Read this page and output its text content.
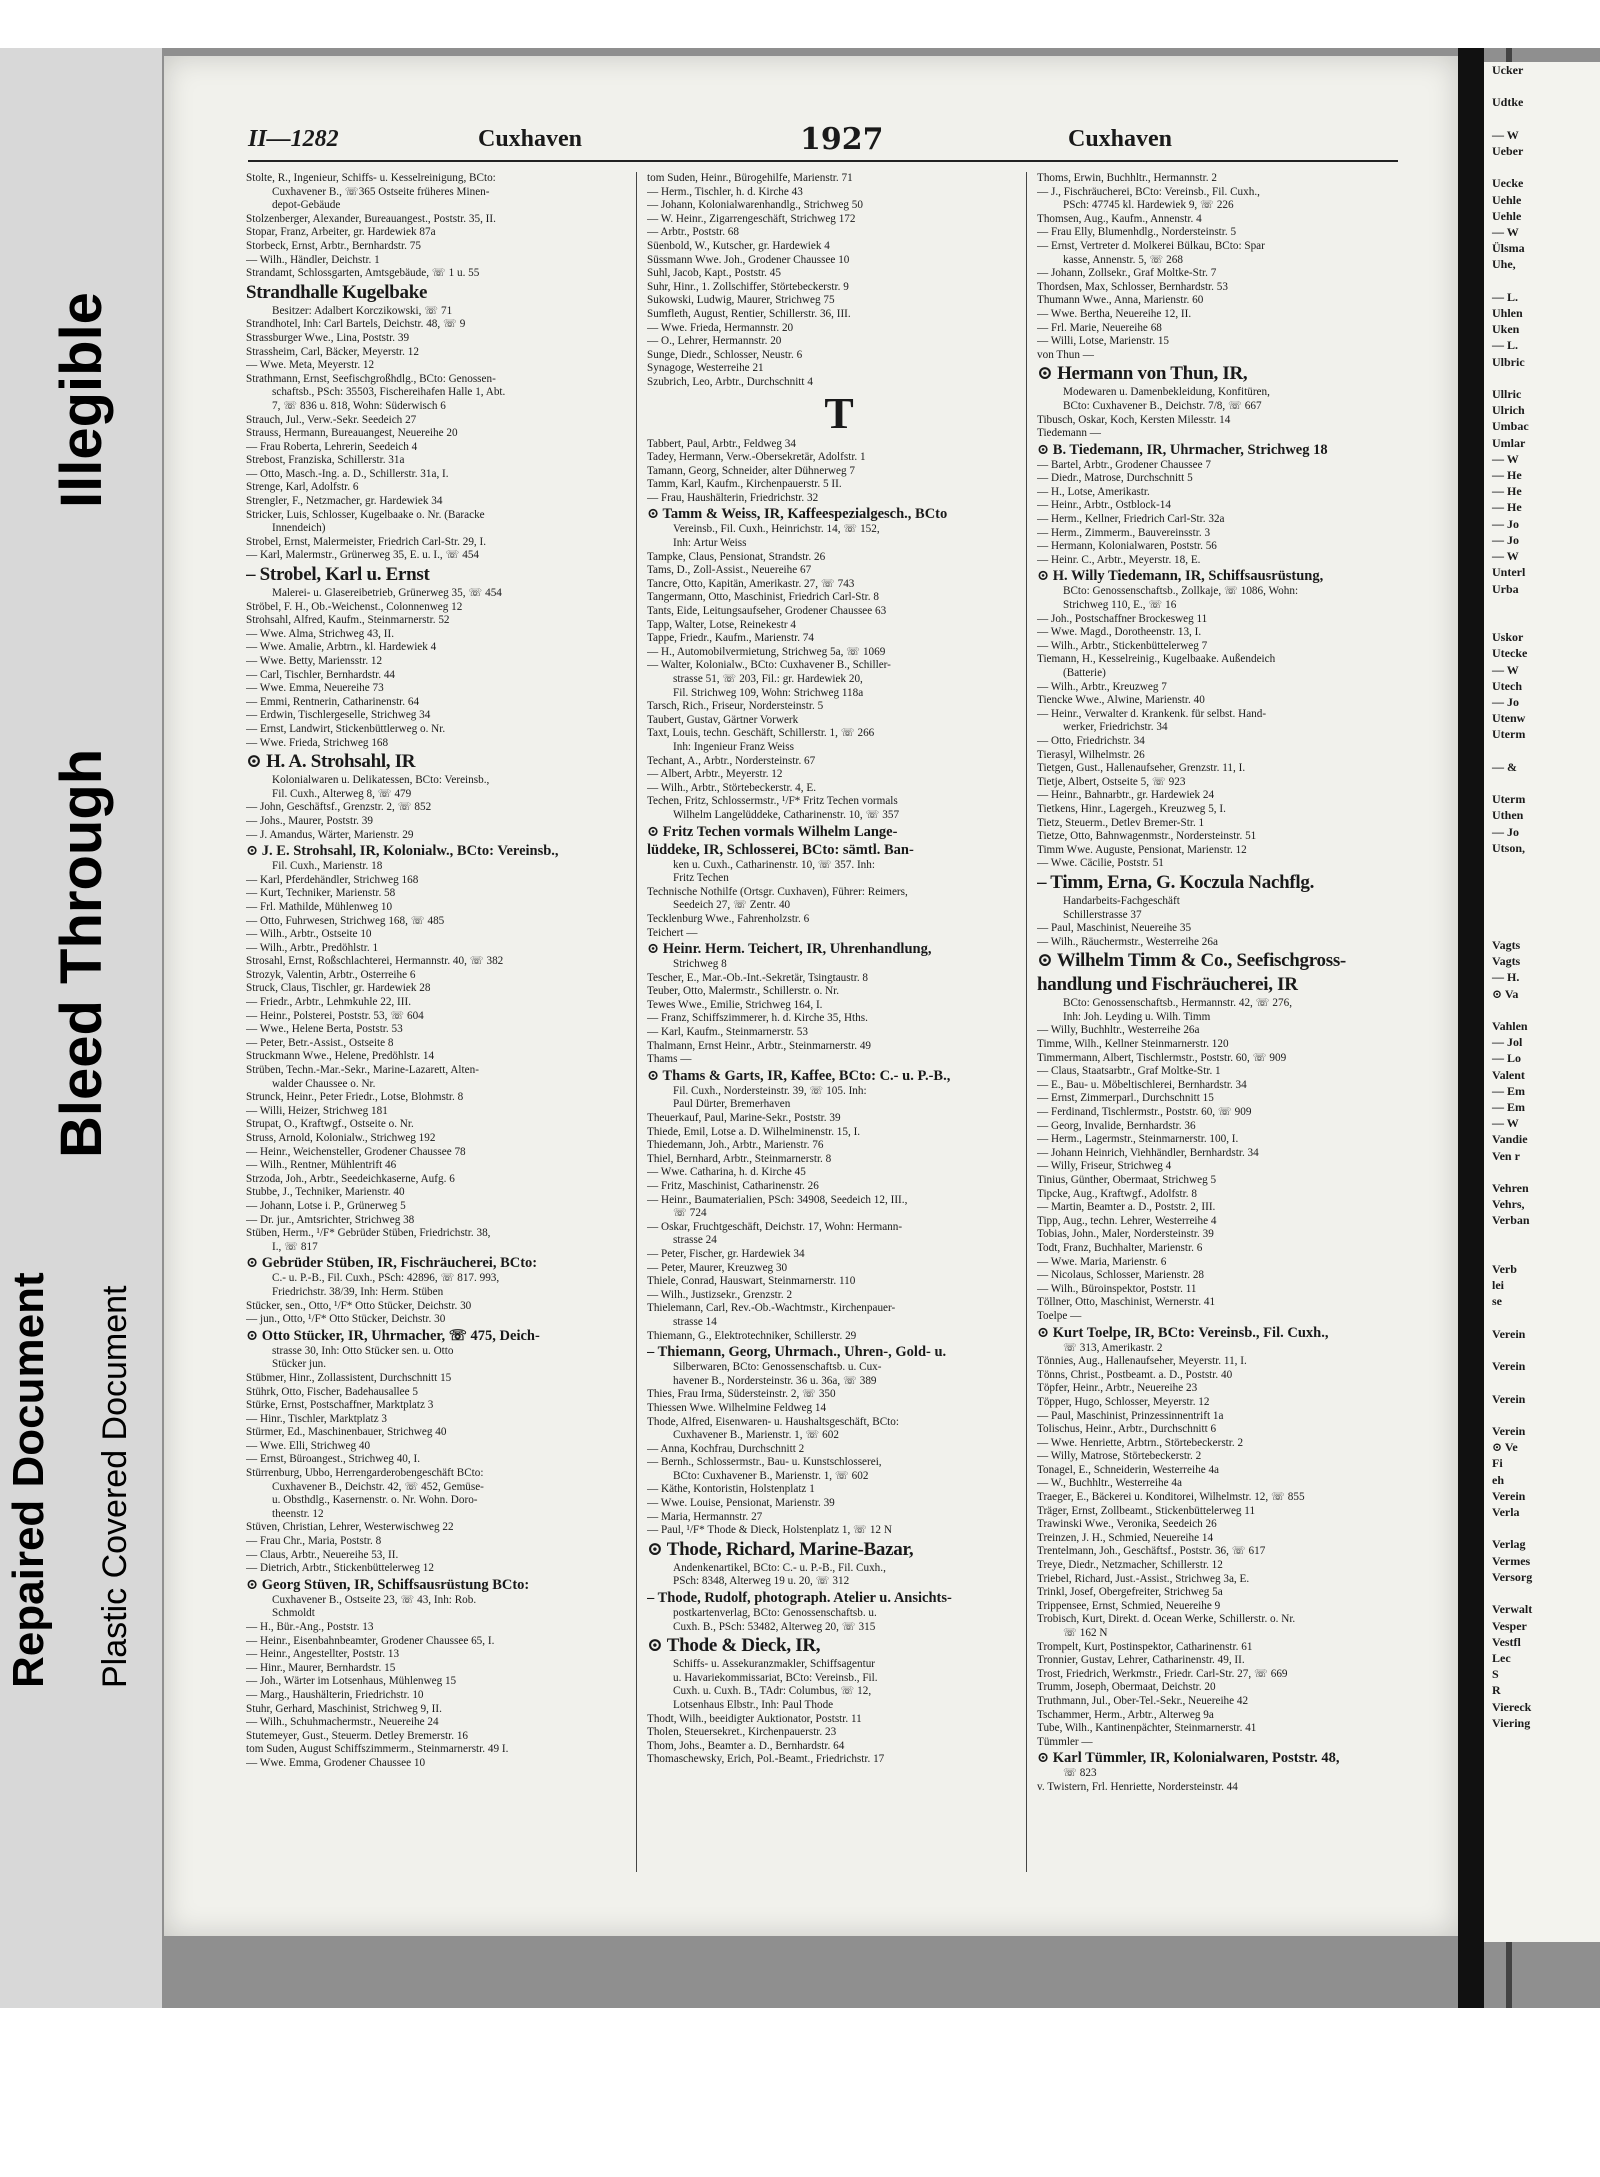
Illegible
Bleed Through
Repaired Document Plastic Covered Document
II—1282	Cuxhaven	1927	Cuxhaven
Stolte, R., Ingenieur, Schiffs- u. Kesselreinigung, BCto:
Cuxhavener B., ☏365 Ostseite früheres Minen-
depot-Gebäude
Stolzenberger, Alexander, Bureauangest., Poststr. 35, II.
Stopar, Franz, Arbeiter, gr. Hardewiek 87a
Storbeck, Ernst, Arbtr., Bernhardstr. 75
— Wilh., Händler, Deichstr. 1
Strandamt, Schlossgarten, Amtsgebäude, ☏ 1 u. 55
Strandhalle Kugelbake
Besitzer: Adalbert Korczikowski, ☏ 71
Strandhotel, Inh: Carl Bartels, Deichstr. 48, ☏ 9
Strassburger Wwe., Lina, Poststr. 39
Strassheim, Carl, Bäcker, Meyerstr. 12
— Wwe. Meta, Meyerstr. 12
Strathmann, Ernst, Seefischgroßhdlg., BCto: Genossen-
schaftsb., PSch: 35503, Fischereihafen Halle 1, Abt.
7, ☏ 836 u. 818, Wohn: Süderwisch 6
Strauch, Jul., Verw.-Sekr. Seedeich 27
Strauss, Hermann, Bureauangest, Neuereihe 20
— Frau Roberta, Lehrerin, Seedeich 4
Strebost, Franziska, Schillerstr. 31a
— Otto, Masch.-Ing. a. D., Schillerstr. 31a, I.
Strenge, Karl, Adolfstr. 6
Strengler, F., Netzmacher, gr. Hardewiek 34
Stricker, Luis, Schlosser, Kugelbaake o. Nr. (Baracke
Innendeich)
Strobel, Ernst, Malermeister, Friedrich Carl-Str. 29, I.
— Karl, Malermstr., Grünerweg 35, E. u. I., ☏ 454
– Strobel, Karl u. Ernst
Malerei- u. Glasereibetrieb, Grünerweg 35, ☏ 454
Ströbel, F. H., Ob.-Weichenst., Colonnenweg 12
Strohsahl, Alfred, Kaufm., Steinmarnerstr. 52
— Wwe. Alma, Strichweg 43, II.
— Wwe. Amalie, Arbtrn., kl. Hardewiek 4
— Wwe. Betty, Mariensstr. 12
— Carl, Tischler, Bernhardstr. 44
— Wwe. Emma, Neuereihe 73
— Emmi, Rentnerin, Catharinenstr. 64
— Erdwin, Tischlergeselle, Strichweg 34
— Ernst, Landwirt, Stickenbüttlerweg o. Nr.
— Wwe. Frieda, Strichweg 168
⊙ H. A. Strohsahl, IR
Kolonialwaren u. Delikatessen, BCto: Vereinsb.,
Fil. Cuxh., Alterweg 8, ☏ 479
— John, Geschäftsf., Grenzstr. 2, ☏ 852
— Johs., Maurer, Poststr. 39
— J. Amandus, Wärter, Marienstr. 29
⊙ J. E. Strohsahl, IR, Kolonialw., BCto: Vereinsb.,
Fil. Cuxh., Marienstr. 18
— Karl, Pferdehändler, Strichweg 168
— Kurt, Techniker, Marienstr. 58
— Frl. Mathilde, Mühlenweg 10
— Otto, Fuhrwesen, Strichweg 168, ☏ 485
— Wilh., Arbtr., Ostseite 10
— Wilh., Arbtr., Predöhlstr. 1
Strosahl, Ernst, Roßschlachterei, Hermannstr. 40, ☏ 382
Strozyk, Valentin, Arbtr., Osterreihe 6
Struck, Claus, Tischler, gr. Hardewiek 28
— Friedr., Arbtr., Lehmkuhle 22, III.
— Heinr., Polsterei, Poststr. 53, ☏ 604
— Wwe., Helene Berta, Poststr. 53
— Peter, Betr.-Assist., Ostseite 8
Struckmann Wwe., Helene, Predöhlstr. 14
Strüben, Techn.-Mar.-Sekr., Marine-Lazarett, Alten-
walder Chaussee o. Nr.
Strunck, Heinr., Peter Friedr., Lotse, Blohmstr. 8
— Willi, Heizer, Strichweg 181
Strupat, O., Kraftwgf., Ostseite o. Nr.
Struss, Arnold, Kolonialw., Strichweg 192
— Heinr., Weichensteller, Grodener Chaussee 78
— Wilh., Rentner, Mühlentrift 46
Strzoda, Joh., Arbtr., Seedeichkaserne, Aufg. 6
Stubbe, J., Techniker, Marienstr. 40
— Johann, Lotse i. P., Grünerweg 5
— Dr. jur., Amtsrichter, Strichweg 38
Stüben, Herm., ¹/F* Gebrüder Stüben, Friedrichstr. 38,
I., ☏ 817
⊙ Gebrüder Stüben, IR, Fischräucherei, BCto:
C.- u. P.-B., Fil. Cuxh., PSch: 42896, ☏ 817. 993,
Friedrichstr. 38/39, Inh: Herm. Stüben
Stücker, sen., Otto, ¹/F* Otto Stücker, Deichstr. 30
— jun., Otto, ¹/F* Otto Stücker, Deichstr. 30
⊙ Otto Stücker, IR, Uhrmacher, ☏ 475, Deich-
strasse 30, Inh: Otto Stücker sen. u. Otto
Stücker jun.
Stübmer, Hinr., Zollassistent, Durchschnitt 15
Stührk, Otto, Fischer, Badehausallee 5
Stürke, Ernst, Postschaffner, Marktplatz 3
— Hinr., Tischler, Marktplatz 3
Stürmer, Ed., Maschinenbauer, Strichweg 40
— Wwe. Elli, Strichweg 40
— Ernst, Büroangest., Strichweg 40, I.
Stürrenburg, Ubbo, Herrengarderobengeschäft BCto:
Cuxhavener B., Deichstr. 42, ☏ 452, Gemüse-
u. Obsthdlg., Kasernenstr. o. Nr. Wohn. Doro-
theenstr. 12
Stüven, Christian, Lehrer, Westerwischweg 22
— Frau Chr., Maria, Poststr. 8
— Claus, Arbtr., Neuereihe 53, II.
— Dietrich, Arbtr., Stickenbüttelerweg 12
⊙ Georg Stüven, IR, Schiffsausrüstung BCto:
Cuxhavener B., Ostseite 23, ☏ 43, Inh: Rob.
Schmoldt
— H., Bür.-Ang., Poststr. 13
— Heinr., Eisenbahnbeamter, Grodener Chaussee 65, I.
— Heinr., Angestellter, Poststr. 13
— Hinr., Maurer, Bernhardstr. 15
— Joh., Wärter im Lotsenhaus, Mühlenweg 15
— Marg., Haushälterin, Friedrichstr. 10
Stuhr, Gerhard, Maschinist, Strichweg 9, II.
— Wilh., Schuhmachermstr., Neuereihe 24
Stutemeyer, Gust., Steuerm. Detley Bremerstr. 16
tom Suden, August Schiffszimmerm., Steinmarnerstr. 49 I.
— Wwe. Emma, Grodener Chaussee 10
tom Suden, Heinr., Bürogehilfe, Marienstr. 71
— Herm., Tischler, h. d. Kirche 43
— Johann, Kolonialwarenhandlg., Strichweg 50
— W. Heinr., Zigarrengeschäft, Strichweg 172
— Arbtr., Poststr. 68
Süenbold, W., Kutscher, gr. Hardewiek 4
Süssmann Wwe. Joh., Grodener Chaussee 10
Suhl, Jacob, Kapt., Poststr. 45
Suhr, Hinr., 1. Zollschiffer, Störtebeckerstr. 9
Sukowski, Ludwig, Maurer, Strichweg 75
Sumfleth, August, Rentier, Schillerstr. 36, III.
— Wwe. Frieda, Hermannstr. 20
— O., Lehrer, Hermannstr. 20
Sunge, Diedr., Schlosser, Neustr. 6
Synagoge, Westerreihe 21
Szubrich, Leo, Arbtr., Durchschnitt 4
T
Tabbert, Paul, Arbtr., Feldweg 34
Tadey, Hermann, Verw.-Obersekretär, Adolfstr. 1
Tamann, Georg, Schneider, alter Dühnerweg 7
Tamm, Karl, Kaufm., Kirchenpauerstr. 5 II.
— Frau, Haushälterin, Friedrichstr. 32
⊙ Tamm & Weiss, IR, Kaffeespezialgesch., BCto
Vereinsb., Fil. Cuxh., Heinrichstr. 14, ☏ 152,
Inh: Artur Weiss
Tampke, Claus, Pensionat, Strandstr. 26
Tams, D., Zoll-Assist., Neuereihe 67
Tancre, Otto, Kapitän, Amerikastr. 27, ☏ 743
Tangermann, Otto, Maschinist, Friedrich Carl-Str. 8
Tants, Eide, Leitungsaufseher, Grodener Chaussee 63
Tapp, Walter, Lotse, Reinekestr 4
Tappe, Friedr., Kaufm., Marienstr. 74
— H., Automobilvermietung, Strichweg 5a, ☏ 1069
— Walter, Kolonialw., BCto: Cuxhavener B., Schiller-
strasse 51, ☏ 203, Fil.: gr. Hardewiek 20,
Fil. Strichweg 109, Wohn: Strichweg 118a
Tarsch, Rich., Friseur, Nordersteinstr. 5
Taubert, Gustav, Gärtner Vorwerk
Taxt, Louis, techn. Geschäft, Schillerstr. 1, ☏ 266
Inh: Ingenieur Franz Weiss
Techant, A., Arbtr., Nordersteinstr. 67
— Albert, Arbtr., Meyerstr. 12
— Wilh., Arbtr., Störtebeckerstr. 4, E.
Techen, Fritz, Schlossermstr., ¹/F* Fritz Techen vormals
Wilhelm Langelüddeke, Catharinenstr. 10, ☏ 357
⊙ Fritz Techen vormals Wilhelm Lange-
lüddeke, IR, Schlosserei, BCto: sämtl. Ban-
ken u. Cuxh., Catharinenstr. 10, ☏ 357. Inh:
Fritz Techen
Technische Nothilfe (Ortsgr. Cuxhaven), Führer: Reimers,
Seedeich 27, ☏ Zentr. 40
Tecklenburg Wwe., Fahrenholzstr. 6
Teichert —
⊙ Heinr. Herm. Teichert, IR, Uhrenhandlung,
Strichweg 8
Tescher, E., Mar.-Ob.-Int.-Sekretär, Tsingtaustr. 8
Teuber, Otto, Malermstr., Schillerstr. o. Nr.
Tewes Wwe., Emilie, Strichweg 164, I.
— Franz, Schiffszimmerer, h. d. Kirche 35, Hths.
— Karl, Kaufm., Steinmarnerstr. 53
Thalmann, Ernst Heinr., Arbtr., Steinmarnerstr. 49
Thams —
⊙ Thams & Garts, IR, Kaffee, BCto: C.- u. P.-B.,
Fil. Cuxh., Nordersteinstr. 39, ☏ 105. Inh:
Paul Dürter, Bremerhaven
Theuerkauf, Paul, Marine-Sekr., Poststr. 39
Thiede, Emil, Lotse a. D. Wilhelminenstr. 15, I.
Thiedemann, Joh., Arbtr., Marienstr. 76
Thiel, Bernhard, Arbtr., Steinmarnerstr. 8
— Wwe. Catharina, h. d. Kirche 45
— Fritz, Maschinist, Catharinenstr. 26
— Heinr., Baumaterialien, PSch: 34908, Seedeich 12, III.,
☏ 724
— Oskar, Fruchtgeschäft, Deichstr. 17, Wohn: Hermann-
strasse 24
— Peter, Fischer, gr. Hardewiek 34
— Peter, Maurer, Kreuzweg 30
Thiele, Conrad, Hauswart, Steinmarnerstr. 110
— Wilh., Justizsekr., Grenzstr. 2
Thielemann, Carl, Rev.-Ob.-Wachtmstr., Kirchenpauer-
strasse 14
Thiemann, G., Elektrotechniker, Schillerstr. 29
– Thiemann, Georg, Uhrmach., Uhren-, Gold- u.
Silberwaren, BCto: Genossenschaftsb. u. Cux-
havener B., Nordersteinstr. 36 u. 36a, ☏ 389
Thies, Frau Irma, Südersteinstr. 2, ☏ 350
Thiessen Wwe. Wilhelmine Feldweg 14
Thode, Alfred, Eisenwaren- u. Haushaltsgeschäft, BCto:
Cuxhavener B., Marienstr. 1, ☏ 602
— Anna, Kochfrau, Durchschnitt 2
— Bernh., Schlossermstr., Bau- u. Kunstschlosserei,
BCto: Cuxhavener B., Marienstr. 1, ☏ 602
— Käthe, Kontoristin, Holstenplatz 1
— Wwe. Louise, Pensionat, Marienstr. 39
— Maria, Hermannstr. 27
— Paul, ¹/F* Thode & Dieck, Holstenplatz 1, ☏ 12 N
⊙ Thode, Richard, Marine-Bazar,
Andenkenartikel, BCto: C.- u. P.-B., Fil. Cuxh.,
PSch: 8348, Alterweg 19 u. 20, ☏ 312
– Thode, Rudolf, photograph. Atelier u. Ansichts-
postkartenverlag, BCto: Genossenschaftsb. u.
Cuxh. B., PSch: 53482, Alterweg 20, ☏ 315
⊙ Thode & Dieck, IR,
Schiffs- u. Assekuranzmakler, Schiffsagentur
u. Havariekommissariat, BCto: Vereinsb., Fil.
Cuxh. u. Cuxh. B., TAdr: Columbus, ☏ 12,
Lotsenhaus Elbstr., Inh: Paul Thode
Thodt, Wilh., beeidigter Auktionator, Poststr. 11
Tholen, Steuersekret., Kirchenpauerstr. 23
Thom, Johs., Beamter a. D., Bernhardstr. 64
Thomaschewsky, Erich, Pol.-Beamt., Friedrichstr. 17
Thoms, Erwin, Buchhltr., Hermannstr. 2
— J., Fischräucherei, BCto: Vereinsb., Fil. Cuxh.,
PSch: 47745 kl. Hardewiek 9, ☏ 226
Thomsen, Aug., Kaufm., Annenstr. 4
— Frau Elly, Blumenhdlg., Nordersteinstr. 5
— Ernst, Vertreter d. Molkerei Bülkau, BCto: Spar
kasse, Annenstr. 5, ☏ 268
— Johann, Zollsekr., Graf Moltke-Str. 7
Thordsen, Max, Schlosser, Bernhardstr. 53
Thumann Wwe., Anna, Marienstr. 60
— Wwe. Bertha, Neuereihe 12, II.
— Frl. Marie, Neuereihe 68
— Willi, Lotse, Marienstr. 15
von Thun —
⊙ Hermann von Thun, IR,
Modewaren u. Damenbekleidung, Konfitüren,
BCto: Cuxhavener B., Deichstr. 7/8, ☏ 667
Tibusch, Oskar, Koch, Kersten Milesstr. 14
Tiedemann —
⊙ B. Tiedemann, IR, Uhrmacher, Strichweg 18
— Bartel, Arbtr., Grodener Chaussee 7
— Diedr., Matrose, Durchschnitt 5
— H., Lotse, Amerikastr.
— Heinr., Arbtr., Ostblock-14
— Herm., Kellner, Friedrich Carl-Str. 32a
— Herm., Zimmerm., Bauvereinsstr. 3
— Hermann, Kolonialwaren, Poststr. 56
— Heinr. C., Arbtr., Meyerstr. 18, E.
⊙ H. Willy Tiedemann, IR, Schiffsausrüstung,
BCto: Genossenschaftsb., Zollkaje, ☏ 1086, Wohn:
Strichweg 110, E., ☏ 16
— Joh., Postschaffner Brockesweg 11
— Wwe. Magd., Dorotheenstr. 13, I.
— Wilh., Arbtr., Stickenbüttelerweg 7
Tiemann, H., Kesselreinig., Kugelbaake. Außendeich
(Batterie)
— Wilh., Arbtr., Kreuzweg 7
Tiencke Wwe., Alwine, Marienstr. 40
— Heinr., Verwalter d. Krankenk. für selbst. Hand-
werker, Friedrichstr. 34
— Otto, Friedrichstr. 34
Tierasyl, Wilhelmstr. 26
Tietgen, Gust., Hallenaufseher, Grenzstr. 11, I.
Tietje, Albert, Ostseite 5, ☏ 923
— Heinr., Bahnarbtr., gr. Hardewiek 24
Tietkens, Hinr., Lagergeh., Kreuzweg 5, I.
Tietz, Steuerm., Detlev Bremer-Str. 1
Tietze, Otto, Bahnwagenmstr., Nordersteinstr. 51
Timm Wwe. Auguste, Pensionat, Marienstr. 12
— Wwe. Cäcilie, Poststr. 51
– Timm, Erna, G. Koczula Nachflg.
Handarbeits-Fachgeschäft
Schillerstrasse 37
— Paul, Maschinist, Neuereihe 35
— Wilh., Räuchermstr., Westerreihe 26a
⊙ Wilhelm Timm & Co., Seefischgross-
handlung und Fischräucherei, IR
BCto: Genossenschaftsb., Hermannstr. 42, ☏ 276,
Inh: Joh. Leyding u. Wilh. Timm
— Willy, Buchhltr., Westerreihe 26a
Timme, Wilh., Kellner Steinmarnerstr. 120
Timmermann, Albert, Tischlermstr., Poststr. 60, ☏ 909
— Claus, Staatsarbtr., Graf Moltke-Str. 1
— E., Bau- u. Möbeltischlerei, Bernhardstr. 34
— Ernst, Zimmerparl., Durchschnitt 15
— Ferdinand, Tischlermstr., Poststr. 60, ☏ 909
— Georg, Invalide, Bernhardstr. 36
— Herm., Lagermstr., Steinmarnerstr. 100, I.
— Johann Heinrich, Viehhändler, Bernhardstr. 34
— Willy, Friseur, Strichweg 4
Tinius, Günther, Obermaat, Strichweg 5
Tipcke, Aug., Kraftwgf., Adolfstr. 8
— Martin, Beamter a. D., Poststr. 2, III.
Tipp, Aug., techn. Lehrer, Westerreihe 4
Tobias, John., Maler, Nordersteinstr. 39
Todt, Franz, Buchhalter, Marienstr. 6
— Wwe. Maria, Marienstr. 6
— Nicolaus, Schlosser, Marienstr. 28
— Wilh., Büroinspektor, Poststr. 11
Töllner, Otto, Maschinist, Wernerstr. 41
Toelpe —
⊙ Kurt Toelpe, IR, BCto: Vereinsb., Fil. Cuxh.,
☏ 313, Amerikastr. 2
Tönnies, Aug., Hallenaufseher, Meyerstr. 11, I.
Tönns, Christ., Postbeamt. a. D., Poststr. 40
Töpfer, Heinr., Arbtr., Neuereihe 23
Töpper, Hugo, Schlosser, Meyerstr. 12
— Paul, Maschinist, Prinzessinnentrift 1a
Tolischus, Heinr., Arbtr., Durchschnitt 6
— Wwe. Henriette, Arbtrn., Störtebeckerstr. 2
— Willy, Matrose, Störtebeckerstr. 2
Tonagel, E., Schneiderin, Westerreihe 4a
— W., Buchhltr., Westerreihe 4a
Traeger, E., Bäckerei u. Konditorei, Wilhelmstr. 12, ☏ 855
Träger, Ernst, Zollbeamt., Stickenbüttelerweg 11
Trawinski Wwe., Veronika, Seedeich 26
Treinzen, J. H., Schmied, Neuereihe 14
Trentelmann, Joh., Geschäftsf., Poststr. 36, ☏ 617
Treye, Diedr., Netzmacher, Schillerstr. 12
Triebel, Richard, Just.-Assist., Strichweg 3a, E.
Trinkl, Josef, Obergefreiter, Strichweg 5a
Trippensee, Ernst, Schmied, Neuereihe 9
Trobisch, Kurt, Direkt. d. Ocean Werke, Schillerstr. o. Nr.
☏ 162 N
Trompelt, Kurt, Postinspektor, Catharinenstr. 61
Tronnier, Gustav, Lehrer, Catharinenstr. 49, II.
Trost, Friedrich, Werkmstr., Friedr. Carl-Str. 27, ☏ 669
Trumm, Joseph, Obermaat, Deichstr. 20
Truthmann, Jul., Ober-Tel.-Sekr., Neuereihe 42
Tschammer, Herm., Arbtr., Alterweg 9a
Tube, Wilh., Kantinenpächter, Steinmarnerstr. 41
Tümmler —
⊙ Karl Tümmler, IR, Kolonialwaren, Poststr. 48,
☏ 823
v. Twistern, Frl. Henriette, Nordersteinstr. 44
Ucker

Udtke

— W
Ueber

Uecke
Uehle
Uehle
— W
Ülsma
Uhe,

— L.
Uhlen
Uken
— L.
Ulbric

Ullric
Ulrich
Umbac
Umlar
— W
— He
— He
— He
— Jo
— Jo
— W
Unterl
Urba

Uskor
Utecke
— W
Utech
— Jo
Utenw
Uterm

— &

Uterm
Uthen
— Jo
Utson,

Vagts
Vagts
— H.
⊙ Va

Vahlen
— Jol
— Lo
Valent
— Em
— Em
— W
Vandie
Ven r

Vehren
Vehrs,
Verban

Verb
lei
se

Verein

Verein

Verein

Verein
⊙ Ve
Fi
eh
Verein
Verla

Verlag
Vermes
Versorg

Verwalt
Vesper
Vestfl
Lec
S
R
Viereck
Viering
